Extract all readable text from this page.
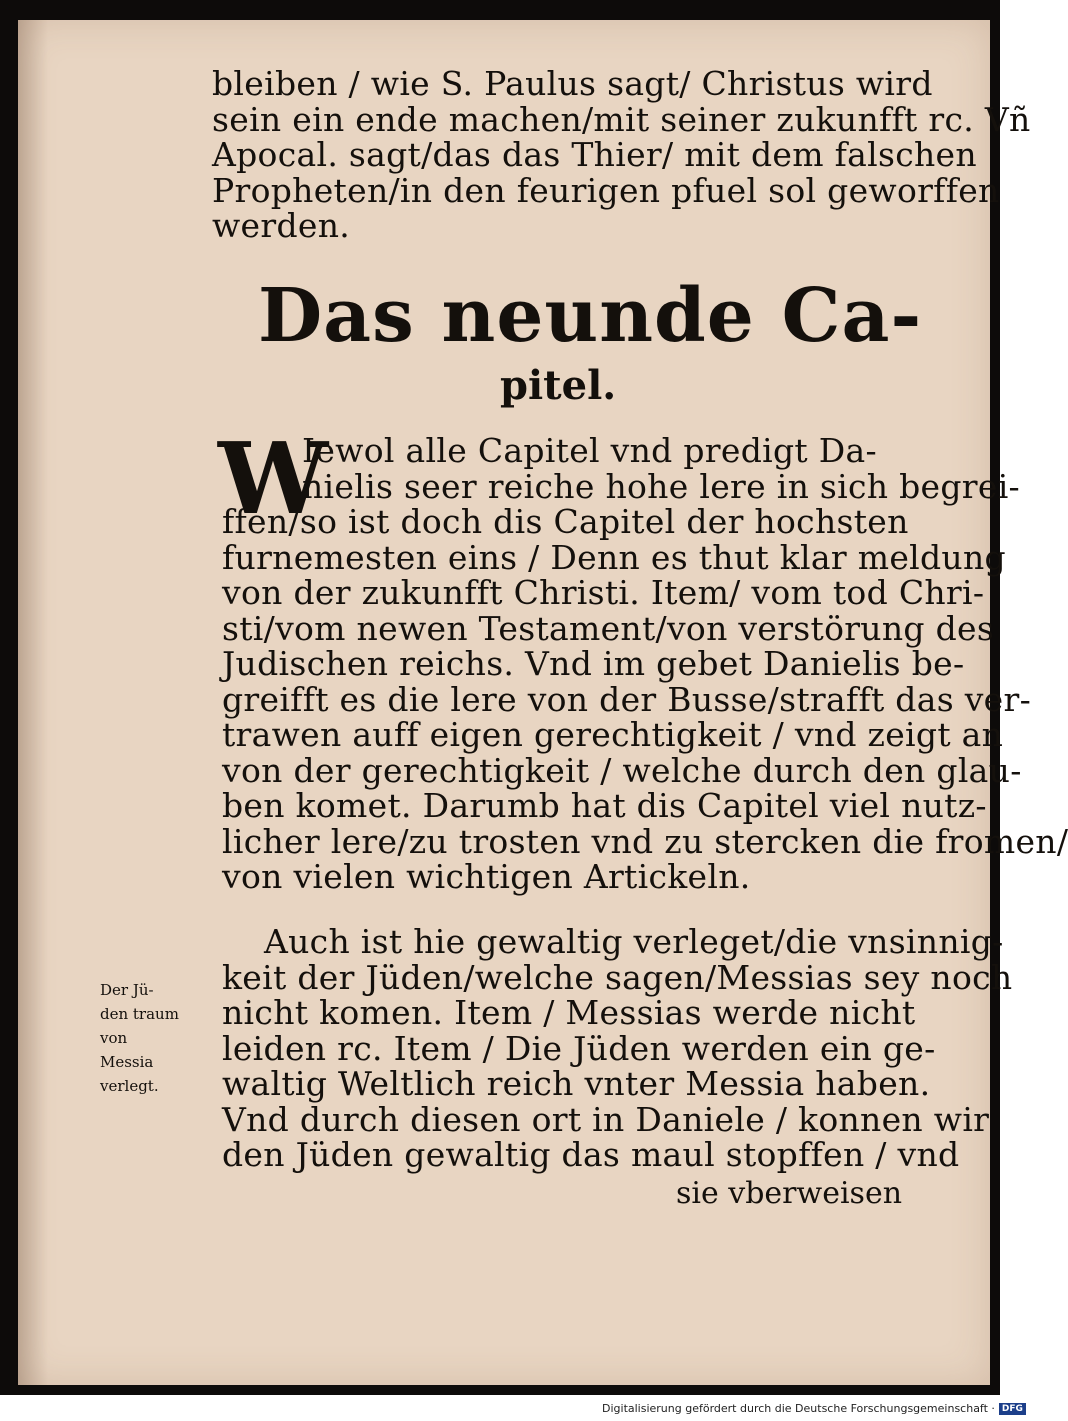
bleiben / wie S. Paulus sagt/ Christus wird
sein ein ende machen/mit seiner zukunfft rc. Vñ
Apocal. sagt/das das Thier/ mit dem falschen
Propheten/in den feurigen pfuel sol geworffen
werden.
Das neunde Ca-
pitel.
W
Iewol alle Capitel vnd predigt Da-
nielis seer reiche hohe lere in sich begrei-
ffen/so ist doch dis Capitel der hochsten
furnemesten eins / Denn es thut klar meldung
von der zukunfft Christi. Item/ vom tod Chri-
sti/vom newen Testament/von verstörung des
Judischen reichs. Vnd im gebet Danielis be-
greifft es die lere von der Busse/strafft das ver-
trawen auff eigen gerechtigkeit / vnd zeigt an
von der gerechtigkeit / welche durch den glau-
ben komet. Darumb hat dis Capitel viel nutz-
licher lere/zu trosten vnd zu stercken die fromen/
von vielen wichtigen Artickeln.
Auch ist hie gewaltig verleget/die vnsinnig-
keit der Jüden/welche sagen/Messias sey noch
nicht komen. Item / Messias werde nicht
leiden rc. Item / Die Jüden werden ein ge-
waltig Weltlich reich vnter Messia haben.
Vnd durch diesen ort in Daniele / konnen wir
den Jüden gewaltig das maul stopffen / vnd
sie vberweisen
Der Jü-
den traum
von
Messia
verlegt.
Digitalisierung gefördert durch die Deutsche Forschungsgemeinschaft · DFG
